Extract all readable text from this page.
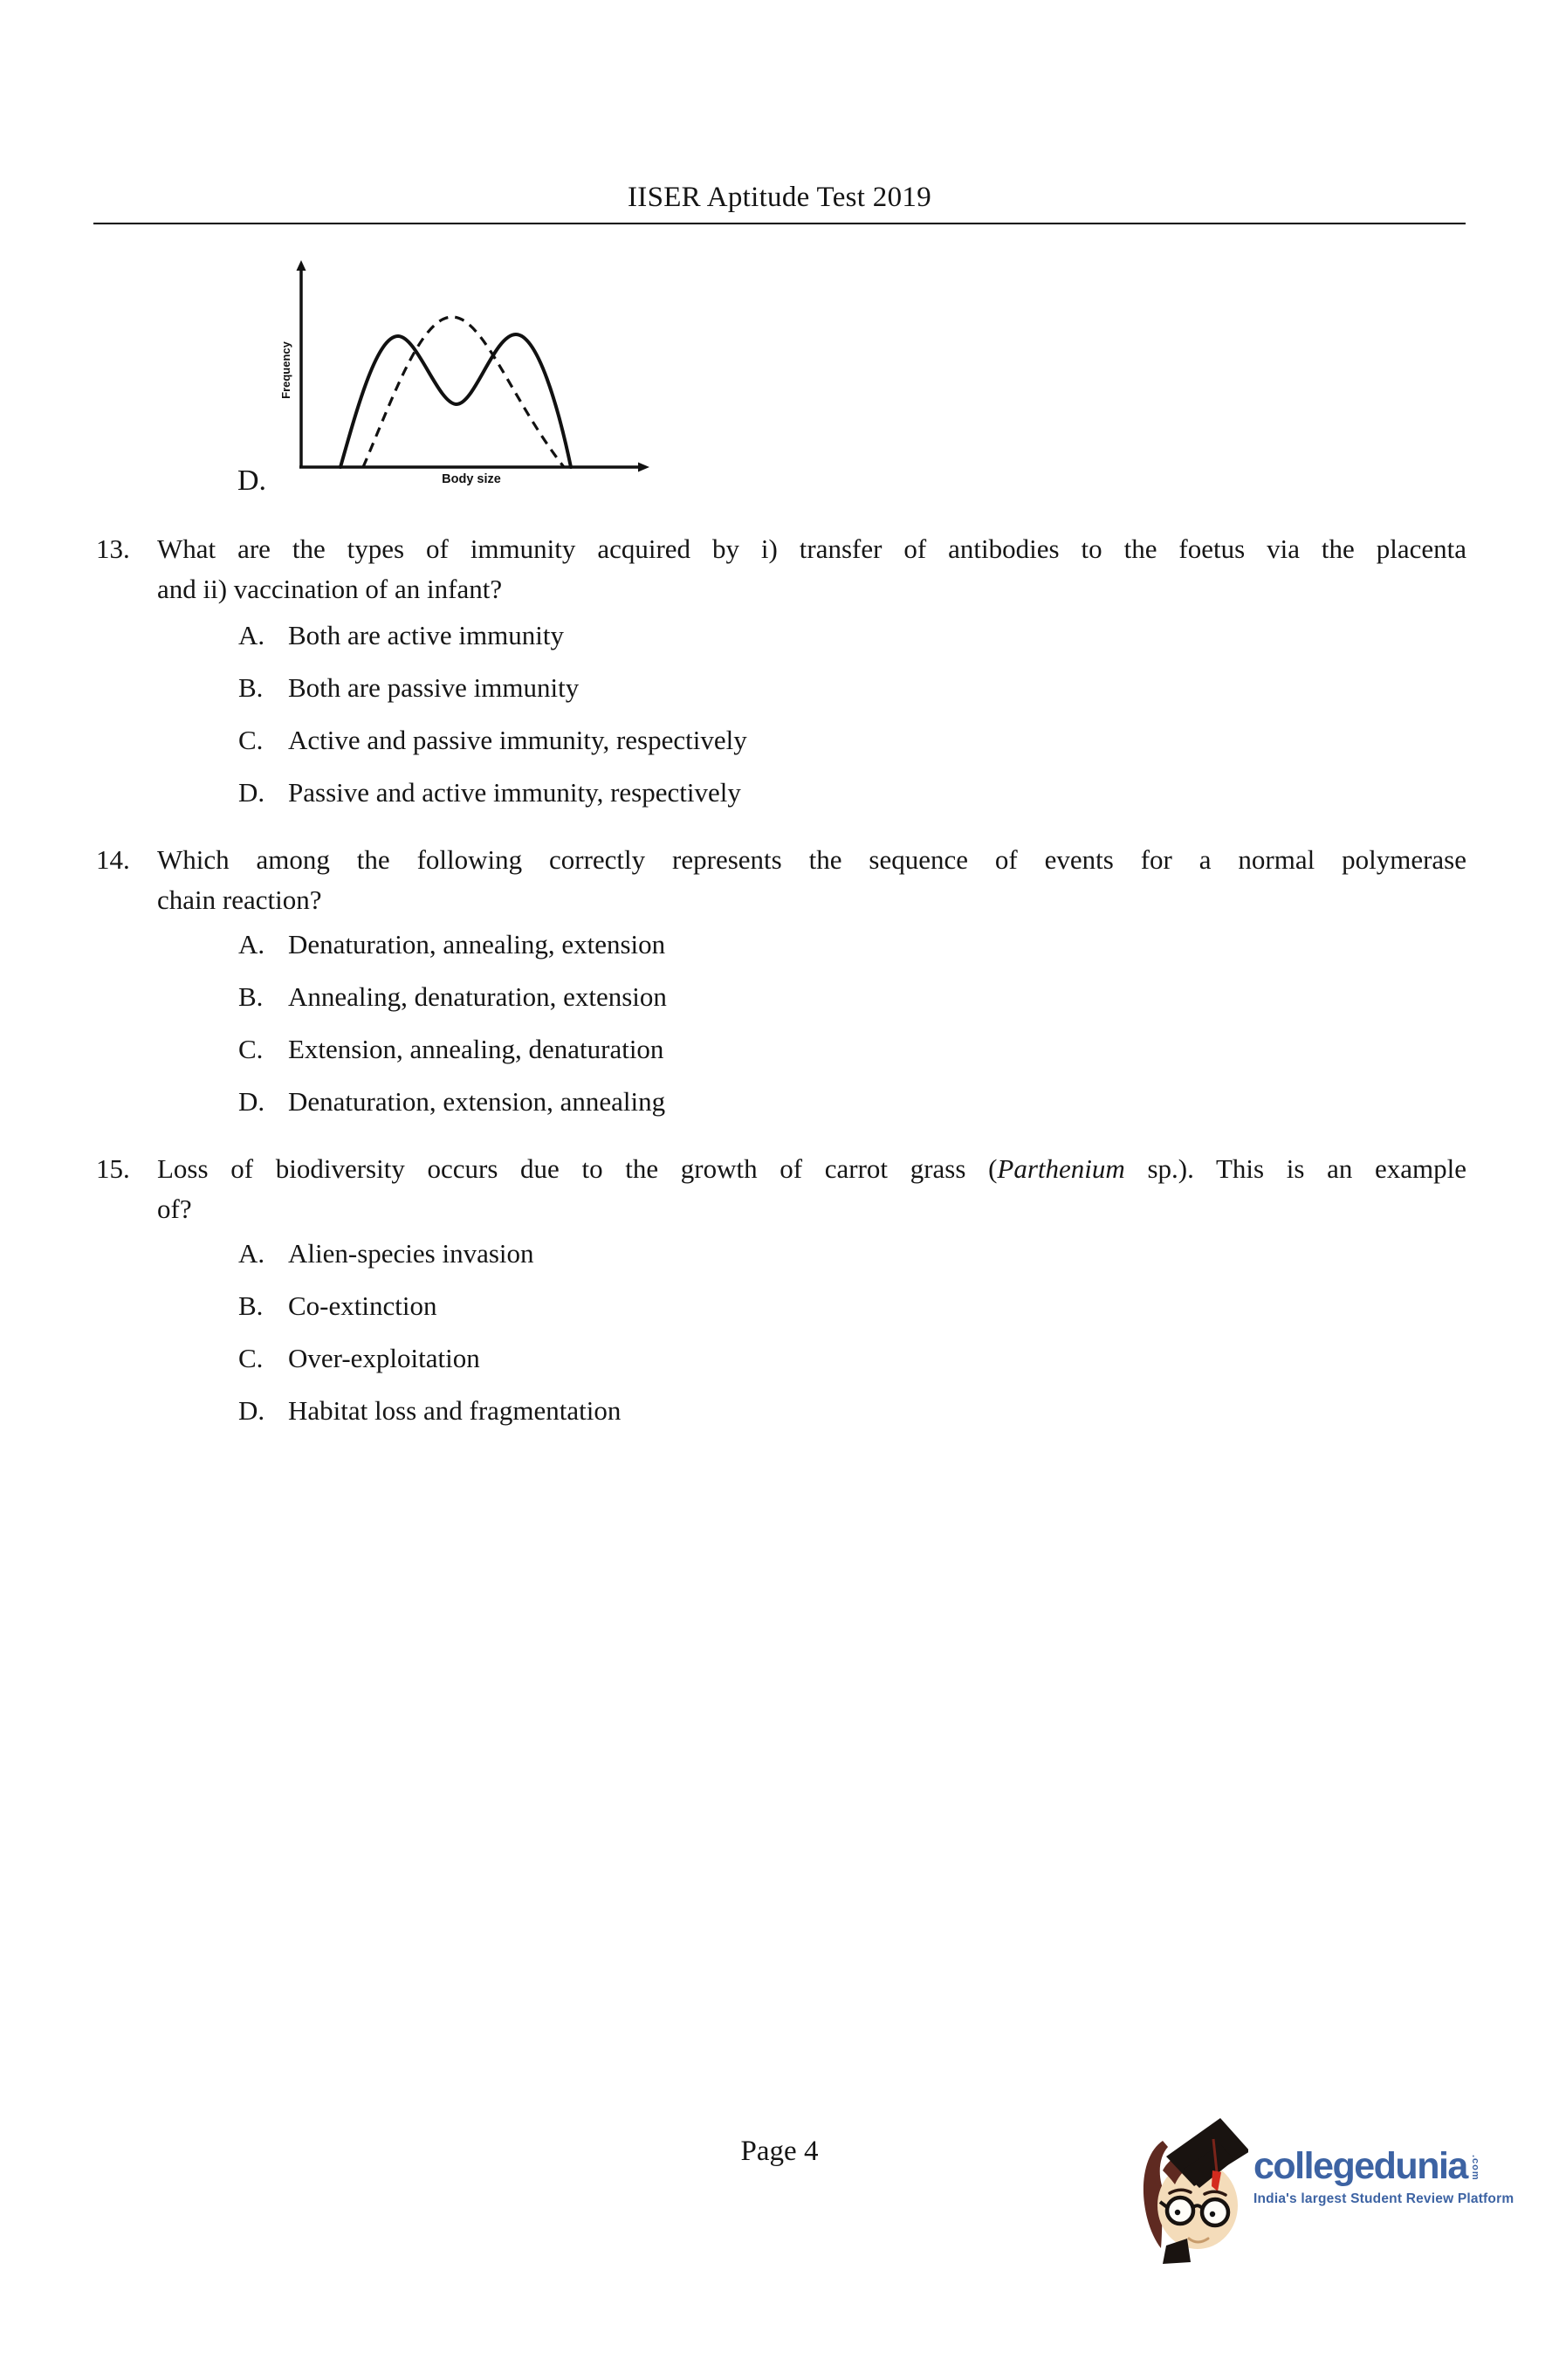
IISER Aptitude Test 2019
Frequency
Body size
D.
13.	What are the types of immunity acquired by i) transfer of antibodies to the foetus via the placenta
and ii) vaccination of an infant?
A. Both are active immunity
B. Both are passive immunity
C. Active and passive immunity, respectively
D. Passive and active immunity, respectively
14.	Which among the following correctly represents the sequence of events for a normal polymerase
chain reaction?
A. Denaturation, annealing, extension
B. Annealing, denaturation, extension
C. Extension, annealing, denaturation
D. Denaturation, extension, annealing
15.	Loss of biodiversity occurs due to the growth of carrot grass (Parthenium sp.). This is an example
of?
A. Alien-species invasion
B. Co-extinction
C. Over-exploitation
D. Habitat loss and fragmentation
Page 4	collegedunia .com
India's largest Student Review Platform
